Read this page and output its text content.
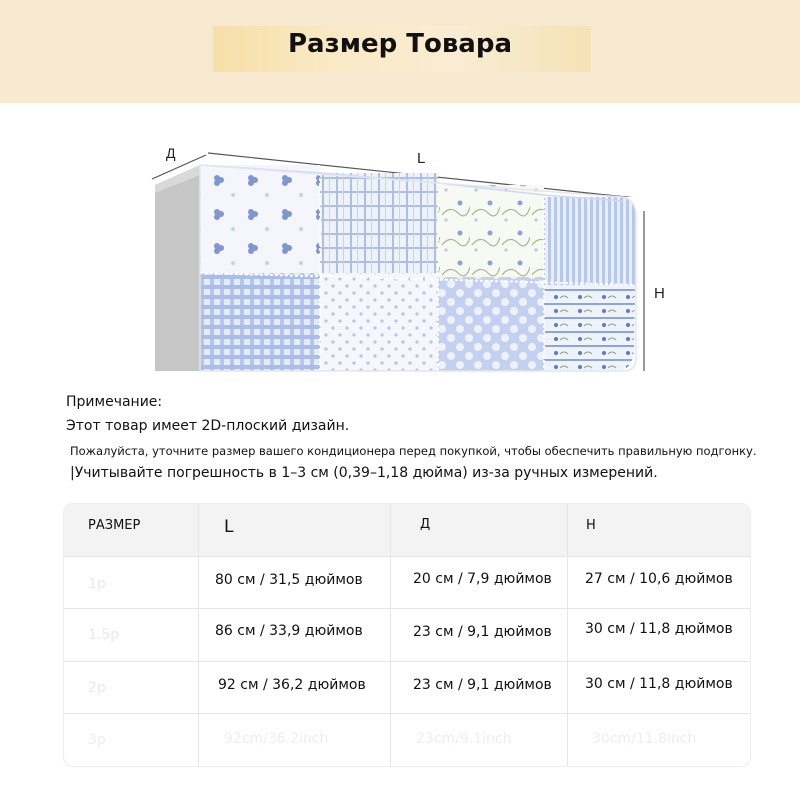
Размер Товара
Д	L
H
Примечание:
Этот товар имеет 2D-плоский дизайн.
Пожалуйста, уточните размер вашего кондиционера перед покупкой, чтобы обеспечить правильную подгонку.
|Учитывайте погрешность в 1–3 см (0,39–1,18 дюйма) из-за ручных измерений.
РАЗМЕР	L	Д	Н
1p	80 см / 31,5 дюймов	20 см / 7,9 дюймов 27 см / 10,6 дюймов
1.5p	86 см / 33,9 дюймов	23 см / 9,1 дюймов 30 см / 11,8 дюймов
2p	92 см / 36,2 дюймов	23 см / 9,1 дюймов 30 см / 11,8 дюймов
3p	92cm/36.2inch	23cm/9.1inch	30cm/11.8inch
